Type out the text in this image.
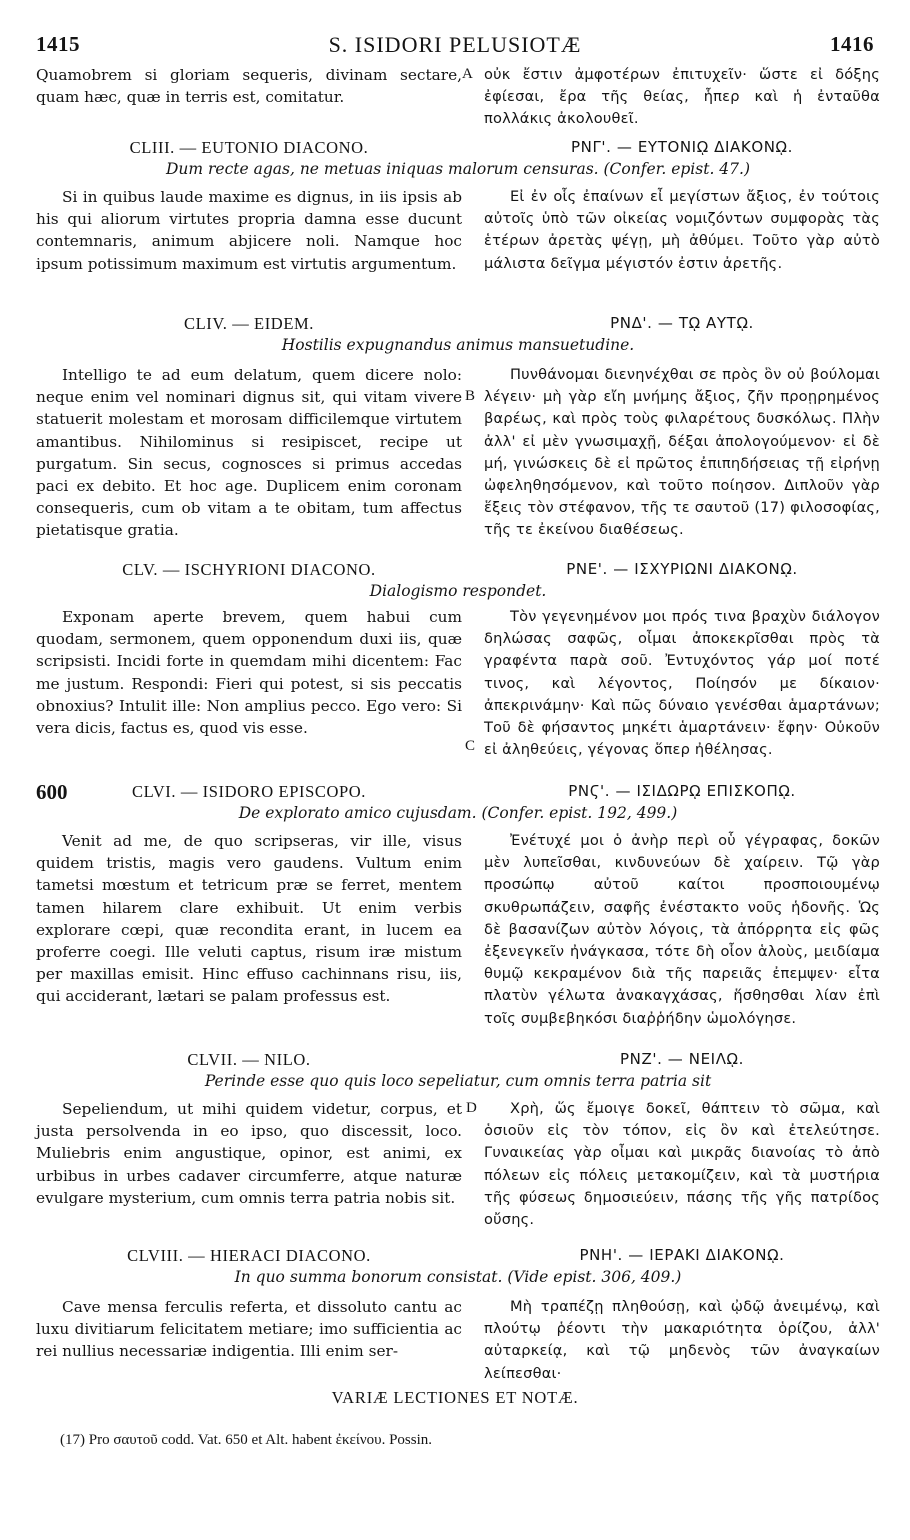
1415	S. ISIDORI PELUSIOTÆ	1416

Quamobrem si gloriam sequeris, divinam sectare, quam hæc, quæ in terris est, comitatur.

A οὐκ ἔστιν ἀμφοτέρων ἐπιτυχεῖν· ὥστε εἰ δόξης ἐφίεσαι, ἔρα τῆς θείας, ἧπερ καὶ ἡ ἐνταῦθα πολλάκις ἀκολουθεῖ.

CLIII. — EUTONIO DIACONO.	ΡΝΓ'. — ΕΥΤΟΝΙῼ ΔΙΑΚΟΝῼ.
Dum recte agas, ne metuas iniquas malorum censuras. (Confer. epist. 47.)

Si in quibus laude maxime es dignus, in iis ipsis ab his qui aliorum virtutes propria damna esse ducunt contemnaris, animum abjicere noli. Namque hoc ipsum potissimum maximum est virtutis argumentum.

Εἰ ἐν οἷς ἐπαίνων εἶ μεγίστων ἄξιος, ἐν τούτοις αὐτοῖς ὑπὸ τῶν οἰκείας νομιζόντων συμφορὰς τὰς ἑτέρων ἀρετὰς ψέγῃ, μὴ ἀθύμει. Τοῦτο γὰρ αὐτὸ μάλιστα δεῖγμα μέγιστόν ἐστιν ἀρετῆς.

CLIV. — EIDEM.	ΡΝΔ'. — Τῼ ΑΥΤῼ.
Hostilis expugnandus animus mansuetudine.

Intelligo te ad eum delatum, quem dicere nolo: neque enim vel nominari dignus sit, qui vitam vivere statuerit molestam et morosam difficilemque virtutem amantibus. Nihilominus si resipiscet, recipe ut purgatum. Sin secus, cognosces si primus accedas paci ex debito. Et hoc age. Duplicem enim coronam consequeris, cum ob vitam a te obitam, tum affectus pietatisque gratia.

B

Πυνθάνομαι διενηνέχθαι σε πρὸς ὃν οὐ βούλομαι λέγειν· μὴ γὰρ εἴη μνήμης ἄξιος, ζῆν προῃρημένος βαρέως, καὶ πρὸς τοὺς φιλαρέτους δυσκόλως. Πλὴν ἀλλ' εἰ μὲν γνωσιμαχῇ, δέξαι ἀπολογούμενον· εἰ δὲ μή, γινώσκεις δὲ εἰ πρῶτος ἐπιπηδήσειας τῇ εἰρήνῃ ὠφεληθησόμενον, καὶ τοῦτο ποίησον. Διπλοῦν γὰρ ἕξεις τὸν στέφανον, τῆς τε σαυτοῦ (17) φιλοσοφίας, τῆς τε ἐκείνου διαθέσεως.

CLV. — ISCHYRIONI DIACONO.	ΡΝΕ'. — ΙΣΧΥΡΙΩΝΙ ΔΙΑΚΟΝῼ.
Dialogismo respondet.

Exponam aperte brevem, quem habui cum quodam, sermonem, quem opponendum duxi iis, quæ scripsisti. Incidi forte in quemdam mihi dicentem: Fac me justum. Respondi: Fieri qui potest, si sis peccatis obnoxius? Intulit ille: Non amplius pecco. Ego vero: Si vera dicis, factus es, quod vis esse.

C

Τὸν γεγενημένον μοι πρός τινα βραχὺν διάλογον δηλώσας σαφῶς, οἶμαι ἀποκεκρῖσθαι πρὸς τὰ γραφέντα παρὰ σοῦ. Ἐντυχόντος γάρ μοί ποτέ τινος, καὶ λέγοντος, Ποίησόν με δίκαιον· ἀπεκρινάμην· Καὶ πῶς δύναιο γενέσθαι ἁμαρτάνων; Τοῦ δὲ φήσαντος μηκέτι ἁμαρτάνειν· ἔφην· Οὐκοῦν εἰ ἀληθεύεις, γέγονας ὅπερ ἠθέλησας.

600	CLVI. — ISIDORO EPISCOPO.	ΡΝϚ'. — ΙΣΙΔΩΡῼ ΕΠΙΣΚΟΠῼ.
De explorato amico cujusdam. (Confer. epist. 192, 499.)

Venit ad me, de quo scripseras, vir ille, visus quidem tristis, magis vero gaudens. Vultum enim tametsi mœstum et tetricum præ se ferret, mentem tamen hilarem clare exhibuit. Ut enim verbis explorare cœpi, quæ recondita erant, in lucem ea proferre coegi. Ille veluti captus, risum iræ mistum per maxillas emisit. Hinc effuso cachinnans risu, iis, qui acciderant, lætari se palam professus est.

Ἐνέτυχέ μοι ὁ ἀνὴρ περὶ οὗ γέγραφας, δοκῶν μὲν λυπεῖσθαι, κινδυνεύων δὲ χαίρειν. Τῷ γὰρ προσώπῳ αὐτοῦ καίτοι προσποιουμένῳ σκυθρωπάζειν, σαφῆς ἐνέστακτο νοῦς ἡδονῆς. Ὡς δὲ βασανίζων αὐτὸν λόγοις, τὰ ἀπόρρητα εἰς φῶς ἐξενεγκεῖν ἠνάγκασα, τότε δὴ οἷον ἁλοὺς, μειδίαμα θυμῷ κεκραμένον διὰ τῆς παρειᾶς ἐπεμψεν· εἶτα πλατὺν γέλωτα ἀνακαγχάσας, ἥσθησθαι λίαν ἐπὶ τοῖς συμβεβηκόσι διαῤῥήδην ὡμολόγησε.

CLVII. — NILO.	ΡΝΖ'. — ΝΕΙΛῼ.
Perinde esse quo quis loco sepeliatur, cum omnis terra patria sit

Sepeliendum, ut mihi quidem videtur, corpus, et justa persolvenda in eo ipso, quo discessit, loco. Muliebris enim angustique, opinor, est animi, ex urbibus in urbes cadaver circumferre, atque naturæ evulgare mysterium, cum omnis terra patria nobis sit.

D	Χρὴ, ὥς ἔμοιγε δοκεῖ, θάπτειν τὸ σῶμα, καὶ ὁσιοῦν εἰς τὸν τόπον, εἰς ὃν καὶ ἐτελεύτησε. Γυναικείας γὰρ οἶμαι καὶ μικρᾶς διανοίας τὸ ἀπὸ πόλεων εἰς πόλεις μετακομίζειν, καὶ τὰ μυστήρια τῆς φύσεως δημοσιεύειν, πάσης τῆς γῆς πατρίδος οὔσης.

CLVIII. — HIERACI DIACONO.	ΡΝΗ'. — ΙΕΡΑΚΙ ΔΙΑΚΟΝῼ.
In quo summa bonorum consistat. (Vide epist. 306, 409.)

Cave mensa ferculis referta, et dissoluto cantu ac luxu divitiarum felicitatem metiare; imo sufficientia ac rei nullius necessariæ indigentia. Illi enim ser-

Μὴ τραπέζῃ πληθούσῃ, καὶ ᾠδῷ ἀνειμένῳ, καὶ πλούτῳ ῥέοντι τὴν μακαριότητα ὁρίζου, ἀλλ' αὐταρκείᾳ, καὶ τῷ μηδενὸς τῶν ἀναγκαίων λείπεσθαι·

VARIÆ LECTIONES ET NOTÆ.
(17) Pro σαυτοῦ codd. Vat. 650 et Alt. habent ἐκείνου. Possin.
